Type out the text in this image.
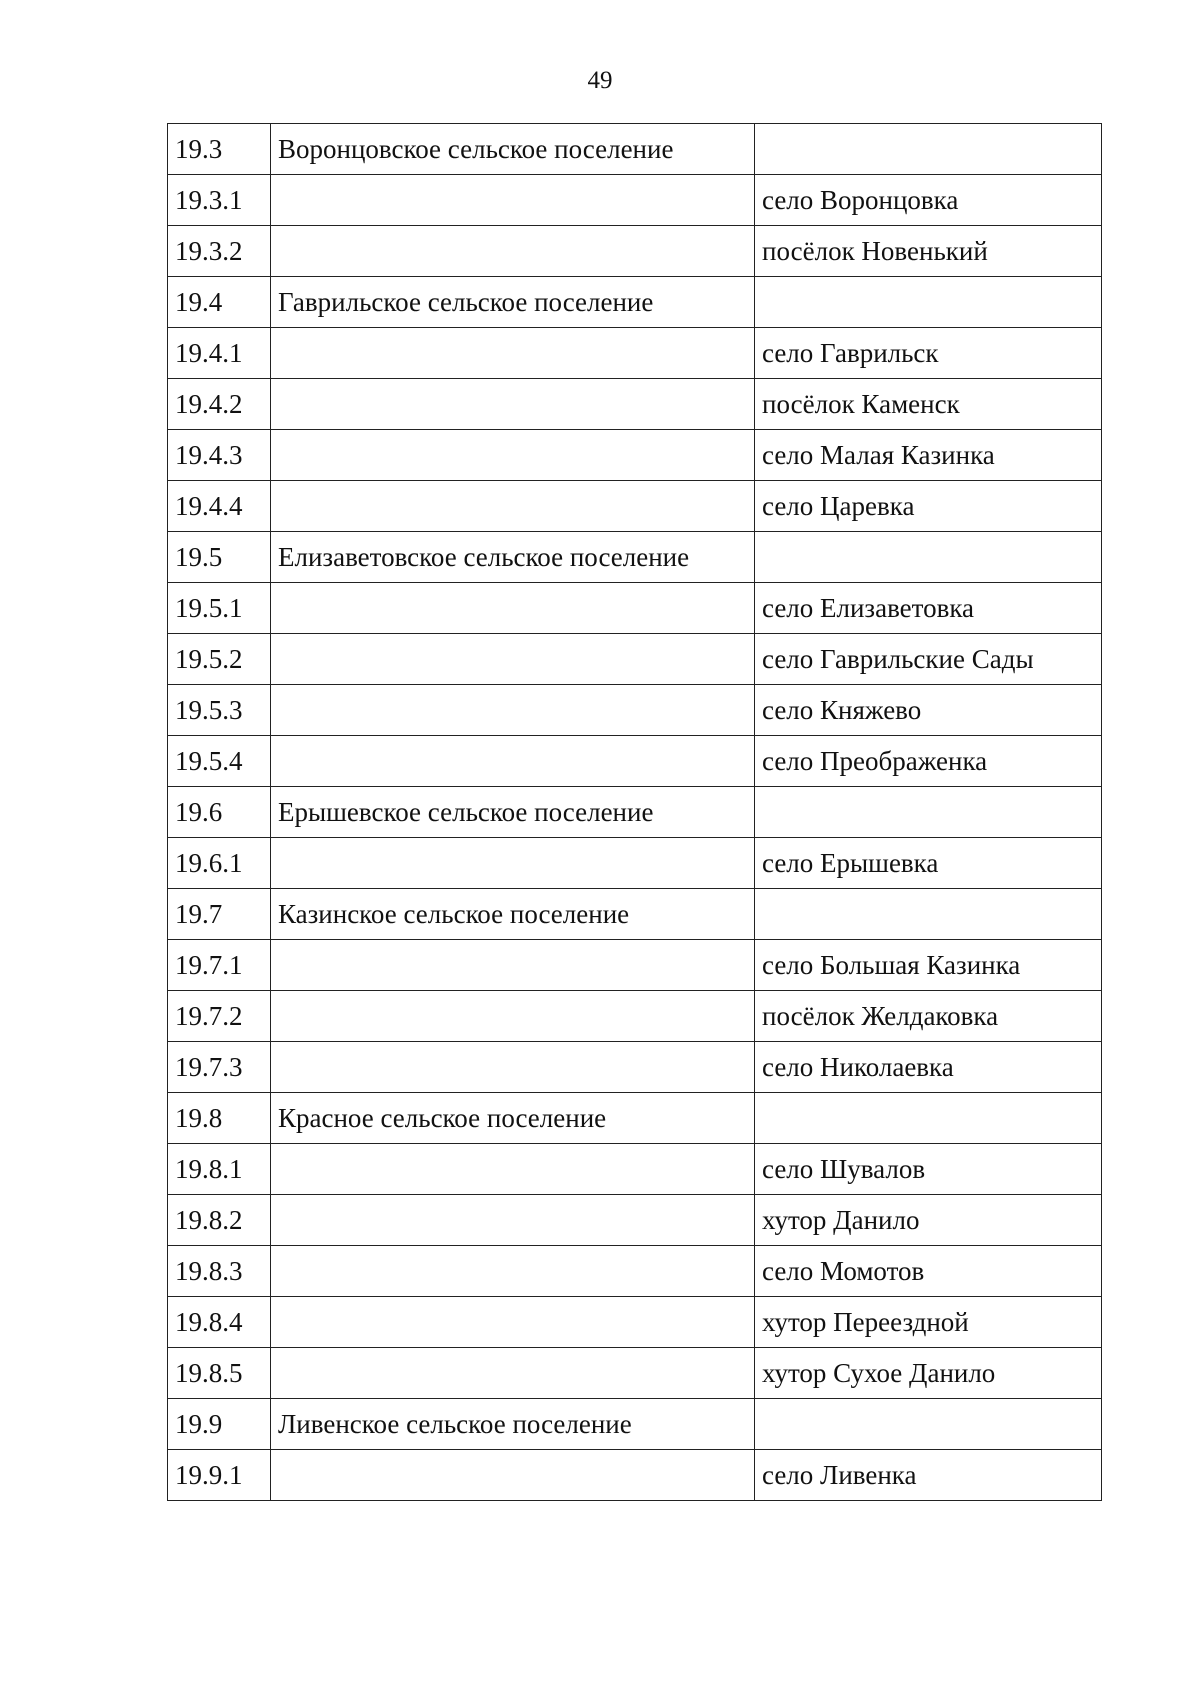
49
19.3	Воронцовское сельское поселение	
19.3.1		село Воронцовка
19.3.2		посёлок Новенький
19.4	Гаврильское сельское поселение	
19.4.1		село Гаврильск
19.4.2		посёлок Каменск
19.4.3		село Малая Казинка
19.4.4		село Царевка
19.5	Елизаветовское сельское поселение	
19.5.1		село Елизаветовка
19.5.2		село Гаврильские Сады
19.5.3		село Княжево
19.5.4		село Преображенка
19.6	Ерышевское сельское поселение	
19.6.1		село Ерышевка
19.7	Казинское сельское поселение	
19.7.1		село Большая Казинка
19.7.2		посёлок Желдаковка
19.7.3		село Николаевка
19.8	Красное сельское поселение	
19.8.1		село Шувалов
19.8.2		хутор Данило
19.8.3		село Момотов
19.8.4		хутор Переездной
19.8.5		хутор Сухое Данило
19.9	Ливенское сельское поселение	
19.9.1		село Ливенка
